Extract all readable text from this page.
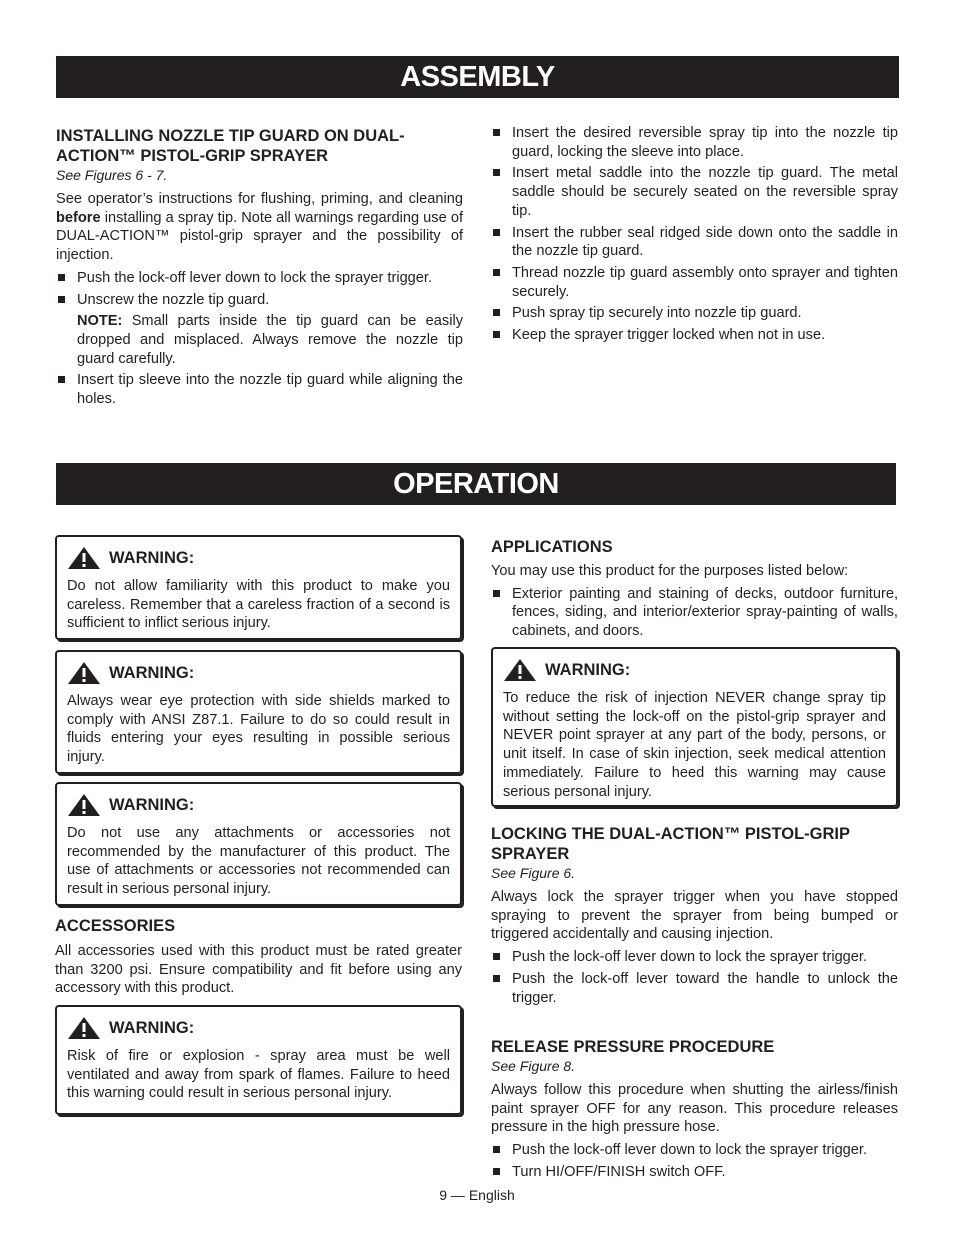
ASSEMBLY
INSTALLING NOZZLE TIP GUARD ON DUAL-ACTION™ PISTOL-GRIP SPRAYER
See Figures 6 - 7.

See operator’s instructions for flushing, priming, and cleaning before installing a spray tip. Note all warnings regarding use of DUAL-ACTION™ pistol-grip sprayer and the possibility of injection.

Push the lock-off lever down to lock the sprayer trigger.
Unscrew the nozzle tip guard.

NOTE: Small parts inside the tip guard can be easily dropped and misplaced. Always remove the nozzle tip guard carefully.

Insert tip sleeve into the nozzle tip guard while aligning the holes.
Insert the desired reversible spray tip into the nozzle tip guard, locking the sleeve into place.
Insert metal saddle into the nozzle tip guard. The metal saddle should be securely seated on the reversible spray tip.
Insert the rubber seal ridged side down onto the saddle in the nozzle tip guard.
Thread nozzle tip guard assembly onto sprayer and tighten securely.
Push spray tip securely into nozzle tip guard.
Keep the sprayer trigger locked when not in use.
OPERATION
WARNING:

Do not allow familiarity with this product to make you careless. Remember that a careless fraction of a second is sufficient to inflict serious injury.

WARNING:

Always wear eye protection with side shields marked to comply with ANSI Z87.1. Failure to do so could result in fluids entering your eyes resulting in possible serious injury.

WARNING:

Do not use any attachments or accessories not recommended by the manufacturer of this product. The use of attachments or accessories not recommended can result in serious personal injury.

ACCESSORIES

All accessories used with this product must be rated greater than 3200 psi. Ensure compatibility and fit before using any accessory with this product.

WARNING:

Risk of fire or explosion - spray area must be well ventilated and away from spark of flames. Failure to heed this warning could result in serious personal injury.

APPLICATIONS

You may use this product for the purposes listed below:

Exterior painting and staining of decks, outdoor furniture, fences, siding, and interior/exterior spray-painting of walls, cabinets, and doors.
WARNING:

To reduce the risk of injection NEVER change spray tip without setting the lock-off on the pistol-grip sprayer and NEVER point sprayer at any part of the body, persons, or unit itself. In case of skin injection, seek medical attention immediately. Failure to heed this warning may cause serious personal injury.

LOCKING THE DUAL-ACTION™ PISTOL-GRIP SPRAYER
See Figure 6.

Always lock the sprayer trigger when you have stopped spraying to prevent the sprayer from being bumped or triggered accidentally and causing injection.

Push the lock-off lever down to lock the sprayer trigger.
Push the lock-off lever toward the handle to unlock the trigger.
RELEASE PRESSURE PROCEDURE
See Figure 8.

Always follow this procedure when shutting the airless/finish paint sprayer OFF for any reason. This procedure releases pressure in the high pressure hose.

Push the lock-off lever down to lock the sprayer trigger.
Turn HI/OFF/FINISH switch OFF.
9 — English
